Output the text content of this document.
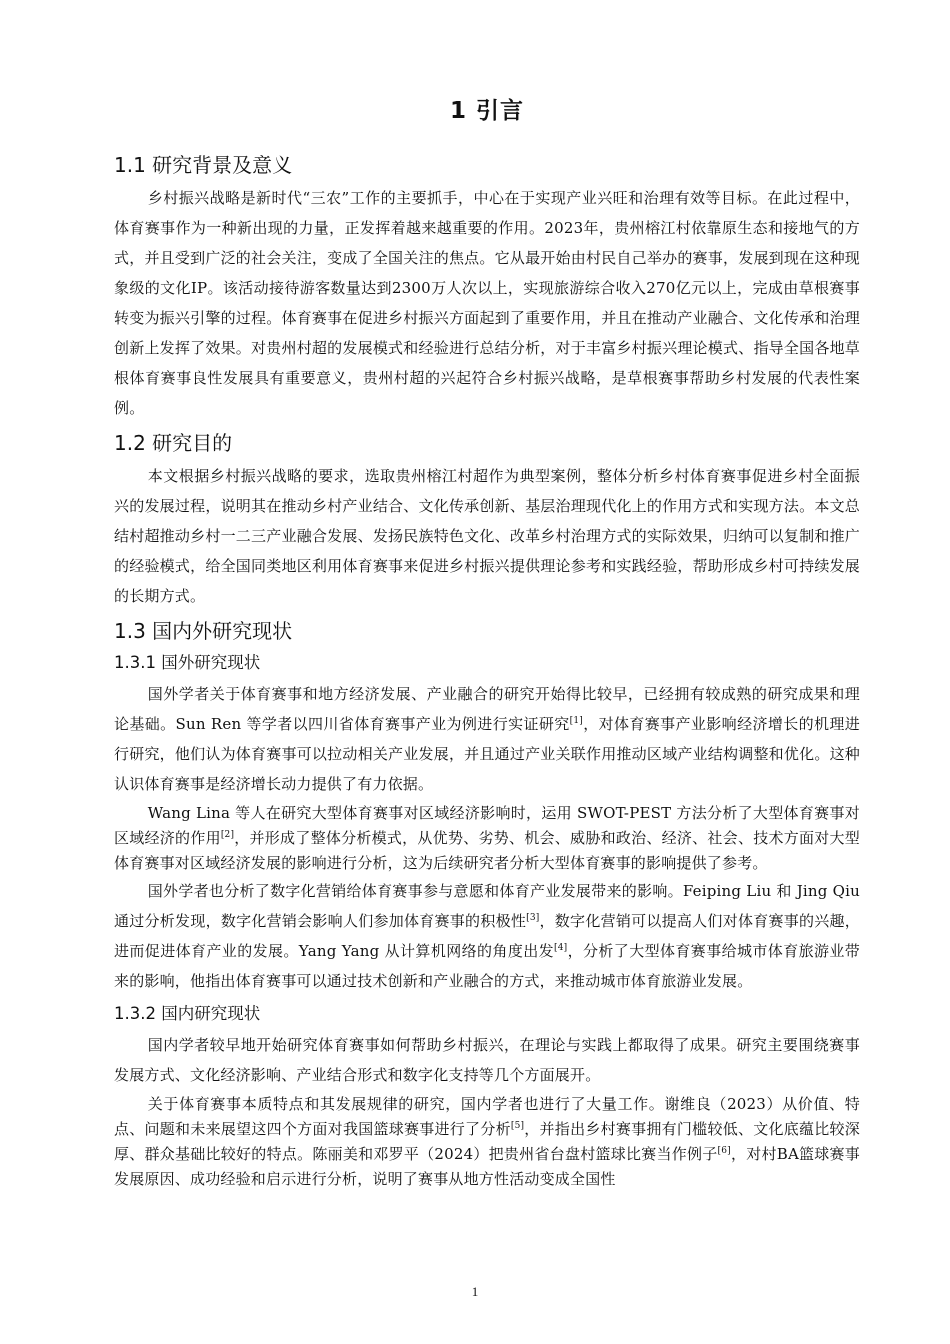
1 引言
1.1 研究背景及意义

乡村振兴战略是新时代“三农”工作的主要抓手，中心在于实现产业兴旺和治理有效等目标。在此过程中，体育赛事作为一种新出现的力量，正发挥着越来越重要的作用。2023年，贵州榕江村依靠原生态和接地气的方式，并且受到广泛的社会关注，变成了全国关注的焦点。它从最开始由村民自己举办的赛事，发展到现在这种现象级的文化IP。该活动接待游客数量达到2300万人次以上，实现旅游综合收入270亿元以上，完成由草根赛事转变为振兴引擎的过程。体育赛事在促进乡村振兴方面起到了重要作用，并且在推动产业融合、文化传承和治理创新上发挥了效果。对贵州村超的发展模式和经验进行总结分析，对于丰富乡村振兴理论模式、指导全国各地草根体育赛事良性发展具有重要意义，贵州村超的兴起符合乡村振兴战略，是草根赛事帮助乡村发展的代表性案例。

1.2 研究目的

本文根据乡村振兴战略的要求，选取贵州榕江村超作为典型案例，整体分析乡村体育赛事促进乡村全面振兴的发展过程，说明其在推动乡村产业结合、文化传承创新、基层治理现代化上的作用方式和实现方法。本文总结村超推动乡村一二三产业融合发展、发扬民族特色文化、改革乡村治理方式的实际效果，归纳可以复制和推广的经验模式，给全国同类地区利用体育赛事来促进乡村振兴提供理论参考和实践经验，帮助形成乡村可持续发展的长期方式。

1.3 国内外研究现状
1.3.1 国外研究现状

国外学者关于体育赛事和地方经济发展、产业融合的研究开始得比较早，已经拥有较成熟的研究成果和理论基础。Sun Ren 等学者以四川省体育赛事产业为例进行实证研究[1]，对体育赛事产业影响经济增长的机理进行研究，他们认为体育赛事可以拉动相关产业发展，并且通过产业关联作用推动区域产业结构调整和优化。这种认识体育赛事是经济增长动力提供了有力依据。

Wang Lina 等人在研究大型体育赛事对区域经济影响时，运用 SWOT-PEST 方法分析了大型体育赛事对区域经济的作用[2]，并形成了整体分析模式，从优势、劣势、机会、威胁和政治、经济、社会、技术方面对大型体育赛事对区域经济发展的影响进行分析，这为后续研究者分析大型体育赛事的影响提供了参考。

国外学者也分析了数字化营销给体育赛事参与意愿和体育产业发展带来的影响。Feiping Liu 和 Jing Qiu 通过分析发现，数字化营销会影响人们参加体育赛事的积极性[3]，数字化营销可以提高人们对体育赛事的兴趣，进而促进体育产业的发展。Yang Yang 从计算机网络的角度出发[4]，分析了大型体育赛事给城市体育旅游业带来的影响，他指出体育赛事可以通过技术创新和产业融合的方式，来推动城市体育旅游业发展。

1.3.2 国内研究现状

国内学者较早地开始研究体育赛事如何帮助乡村振兴，在理论与实践上都取得了成果。研究主要围绕赛事发展方式、文化经济影响、产业结合形式和数字化支持等几个方面展开。

关于体育赛事本质特点和其发展规律的研究，国内学者也进行了大量工作。谢维良（2023）从价值、特点、问题和未来展望这四个方面对我国篮球赛事进行了分析[5]，并指出乡村赛事拥有门槛较低、文化底蕴比较深厚、群众基础比较好的特点。陈丽美和邓罗平（2024）把贵州省台盘村篮球比赛当作例子[6]，对村BA篮球赛事发展原因、成功经验和启示进行分析，说明了赛事从地方性活动变成全国性

1
